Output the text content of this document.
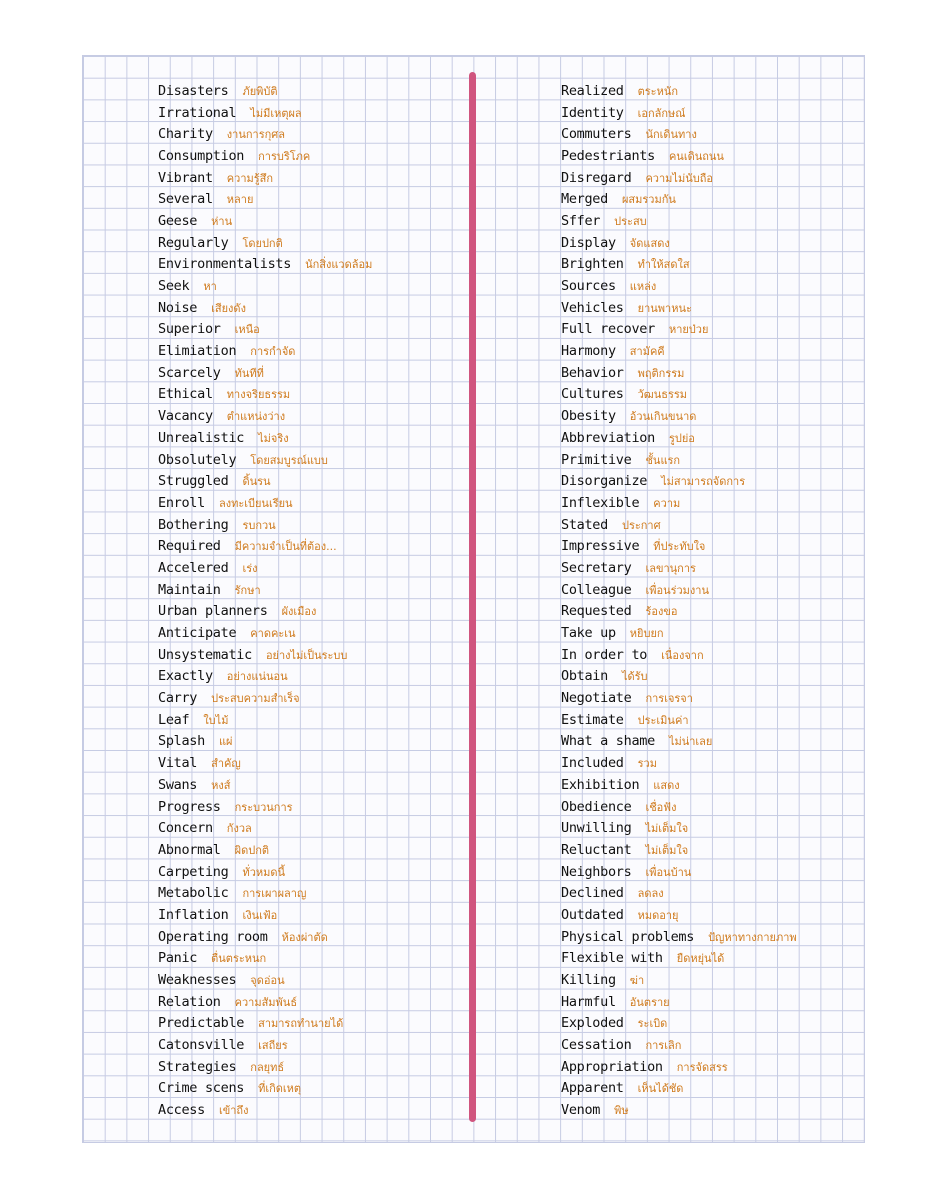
Disasters ภัยพิบัติ
Irrational ไม่มีเหตุผล
Charity งานการกุศล
Consumption การบริโภค
Vibrant ความรู้สึก
Several หลาย
Geese ห่าน
Regularly โดยปกติ
Environmentalists นักสิ่งแวดล้อม
Seek หา
Noise เสียงดัง
Superior เหนือ
Elimiation การกำจัด
Scarcely ทันทีที่
Ethical ทางจริยธรรม
Vacancy ตำแหน่งว่าง
Unrealistic ไม่จริง
Obsolutely โดยสมบูรณ์แบบ
Struggled ดิ้นรน
Enroll ลงทะเบียนเรียน
Bothering รบกวน
Required มีความจำเป็นที่ต้อง...
Accelered เร่ง
Maintain รักษา
Urban planners ผังเมือง
Anticipate คาดคะเน
Unsystematic อย่างไม่เป็นระบบ
Exactly อย่างแน่นอน
Carry ประสบความสำเร็จ
Leaf ใบไม้
Splash แผ่
Vital สำคัญ
Swans หงส์
Progress กระบวนการ
Concern กังวล
Abnormal ผิดปกติ
Carpeting ทั่วหมดนี้
Metabolic การเผาผลาญ
Inflation เงินเฟ้อ
Operating room ห้องผ่าตัด
Panic ตื่นตระหนก
Weaknesses จุดอ่อน
Relation ความสัมพันธ์
Predictable สามารถทำนายได้
Catonsville เสถียร
Strategies กลยุทธ์
Crime scens ที่เกิดเหตุ
Access เข้าถึง
Realized ตระหนัก
Identity เอกลักษณ์
Commuters นักเดินทาง
Pedestriants คนเดินถนน
Disregard ความไม่นับถือ
Merged ผสมรวมกัน
Sffer ประสบ
Display จัดแสดง
Brighten ทำให้สดใส
Sources แหล่ง
Vehicles ยานพาหนะ
Full recover หายป่วย
Harmony สามัคคี
Behavior พฤติกรรม
Cultures วัฒนธรรม
Obesity อ้วนเกินขนาด
Abbreviation รูปย่อ
Primitive ชั้นแรก
Disorganize ไม่สามารถจัดการ
Inflexible ความ
Stated ประกาศ
Impressive ที่ประทับใจ
Secretary เลขานุการ
Colleague เพื่อนร่วมงาน
Requested ร้องขอ
Take up หยิบยก
In order to เนื่องจาก
Obtain ได้รับ
Negotiate การเจรจา
Estimate ประเมินค่า
What a shame ไม่น่าเลย
Included รวม
Exhibition แสดง
Obedience เชื่อฟัง
Unwilling ไม่เต็มใจ
Reluctant ไม่เต็มใจ
Neighbors เพื่อนบ้าน
Declined ลดลง
Outdated หมดอายุ
Physical problems ปัญหาทางกายภาพ
Flexible with ยืดหยุ่นได้
Killing ฆ่า
Harmful อันตราย
Exploded ระเบิด
Cessation การเลิก
Appropriation การจัดสรร
Apparent เห็นได้ชัด
Venom พิษ
